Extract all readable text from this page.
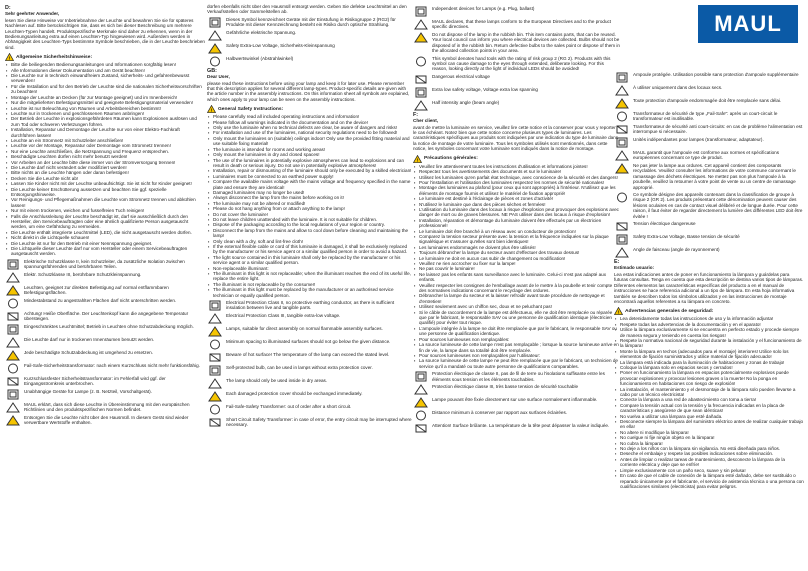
D:
Sehr geehrter Anwender,
lesen Sie diese Hinweise vor Inbetriebnahme der Leuchte und bewahren Sie sie für späteres Nachlesen auf. Bitte berücksichtigen Sie, dass es sich bei dieser Beschreibung um mehrere Leuchten-Typen handelt. Produktspezifische Merkmale sind daher zu erkennen, wenn in der Bedienungsanleitung extra auf einen Leuchten-Typ hingewiesen wird. Außerdem werden in Abhängigkeit des Leuchten-Typs bestimmte Symbole beschrieben, die in der Leuchte beschrieben sind.
! Allgemeine Sicherheitshinweise:
▪ Bitte die beiliegenden Bedienungsanleitungen und Informationen sorgfältig lesen!
▪ Alle Informationen dieser Dokumentation und am Gerät beachten!
▪ Die Leuchte nur in technisch einwandfreiem Zustand, sicherheits- und gefahrenbewusst verwenden!
▪ Für die Installation und für den Betrieb der Leuchte sind die nationalen Sicherheitsvorschriften zu beachten!
▪ Montage der Leuchte an Decken (für zur Montage geeignet) und im Innenbereich!
▪ Nur die mitgelieferten Befestigungsmittel und geeignete Befestigungsmaterial verwenden!
▪ Leuchte ist nur Beleuchtung von Räumen und Arbeitsbereichen bestimmt!
▪ Leuchte nur in trockenen und geschlossenen Räumen anbringen!
▪ Der Betrieb der Leuchte in explosionsgefährdeten Räumen kann Explosionen auslösen und zum Tod oder schweren Verletzungen führen.
▪ Installation, Reparatur und Demontage der Leuchte nur von einer Elektro-Fachkraft durchführen lassen!
▪ Leuchte an ein Stromnetz mit Schutzleiter anschließen!
▪ Leuchte vor der Montage, Reparatur oder Demontage vom Stromnetz trennen!
▪ Nur eine Leuchte anschließen, die Netzspannung und Frequenz entsprechen.
▪ Beschädigte Leuchten dürfen nicht mehr benutzt werden!
▪ Vor Arbeiten an der Leuchte bitte diese immer von der Stromversorgung trennen!
▪ Die Leuchte darf nicht verändert oder modifiziert werden!
▪ Bitte nichts an die Leuchte hängen oder daran befestigen!
▪ Decken Sie die Leuchte nicht ab!
▪ Lassen Sie Kinder nicht mit der Leuchte unbeaufsichtigt. Sie ist nicht für Kinder geeignet!
▪ Die Leuchte keiner Erschütterung aussetzen und beachten Sie ggf. spezielle Entsorgungshinweise.
▪ Vor Reinigungs- und Pflegemaßnahmen die Leuchte vom Stromnetz trennen und abkühlen lassen!
▪ Nur mit einem trockenen, weichen und fusselfreien Tuch reinigen!
▪ Falls die Anschlussleitung der Leuchte beschädigt ist, darf sie ausschließlich durch den Hersteller, den Servicebeauftragten oder eine ähnlich qualifizierte Person ausgetauscht werden, um eine Gefährdung zu vermeiden.
▪ Die Leuchte enthält integrierte Leuchtmittel (LED), die nicht ausgetauscht werden dürfen.
▪ Nicht direkt in die Lichtquelle schauen!
▪ Die Leuchte ist nur für den Betrieb mit einer Nennspannung geeignet.
▪ Die Lichtquelle dieser Leuchte darf nur vom Hersteller oder einem Servicebeauftragten ausgetauscht werden.
Elektrische Schutzklasse II, kein Schutzleiter, da zusätzliche Isolation zwischen spannungsführenden und berührbaren Teilen.
Elektr. Schutzklasse III, berührbare Schutzkleinspannung.
Leuchten, geeignet zur direkten Befestigung auf normal entflammbaren Befestigungsflächen.
Mindestabstand zu angestrahlten Flächen darf nicht unterschritten werden.
Achtung! Heiße Oberfläche. Der Leuchtenkopf kann die angegebene Temperatur übersteigen.
Eingeschränktes Leuchtmittel; Betrieb in Leuchten ohne Schutzabdeckung möglich.
Die Leuchte darf nur in trockenen Innenräumen benutzt werden.
Jede beschädigte Schutzabdeckung ist umgehend zu ersetzen.
Fail-Safe-Sicherheitstransformator: nach einem Kurzschluss nicht mehr funktionsfähig.
Kurzschlussfester Sicherheitstransformator: im Fehlerfall wird ggf. der Eingangsstromkreis unterbrochen.
Unabhängige Geräte für Lampe (z. B. Netzteil, Vorschaltgerät).
MAUL erklärt, dass sich diese Leuchte in Übereinstimmung mit den europäischen Richtlinien und den produktspezifischen Normen befindet.
Entsorgen Sie die Leuchte nicht über den Hausmüll. In diesem Gerät sind wieder verwertbare Wertstoffe enthalten.
dürfen ebenfalls nicht über den Hausmüll entsorgt werden. Geben Sie defekte Leuchtmittel an den Verkaufsstellen oder Sammelstellen ab.
Dieses Symbol kennzeichnet Geräte mit der Einstufung in Risikogruppe 2 (RG2) für Produkte mit dieser Kennzeichnung besteht ein Risiko durch optische Strahlung.
Gefährliche elektrische Spannung.
Safety Extra-Low Voltage, Sicherheits-Kleinspannung
Halbwertswinkel (Abstrahlwinkel)
GB:
Dear User,
please read these instructions before using your lamp and keep it for later use. Please remember that this description applies for several different lamp-types. Product-specific details are given with the article number in the assembly instructions. On this information sheet all symbols are explained, which ones apply to your lamp can be seen on the assembly instructions.
! General Safety Instructions:
▪ Please carefully read all included operating instructions and information!
▪ Please follow all warnings indicated in the documentation and on the device!
▪ Only use the luminaire when no technical defects are clear, be aware of dangers and risks!
▪ For installation and use of the luminaires, national security regulations need to be followed!
▪ Only mount the luminaires on (suitable) ceilings indoor! Only use the provided fitting material and use suitable fixing material!
▪ The luminaire is intended for rooms and working areas!
▪ Only mount the luminaires in dry and closed spaces!
▪ The use of the luminaires in potentially explosive atmospheres can lead to explosions and can result in death or serious injury. Do not use in potentially explosive atmospheres!
▪ Installation, repair or dismounting of the luminaire should only be executed by a skilled electrician!
▪ Luminaires must be connected to an earthed power supply!
▪ Compare the available mains voltage with the mains voltage and frequency specified in the name plate and ensure they are identical!
▪ Damaged luminaires may no longer be used!
▪ Always disconnect the lamp from the mains before working on it!
▪ The luminaire may not be altered or modified!
▪ Please do not hang anything from or attach anything to the lamp!
▪ Do not cover the luminaire!
▪ Do not leave children unattended with the luminaire. It is not suitable for children.
▪ Dispose of the packaging according to the local regulations of your region or country.
▪ Disconnect the lamp from the mains and allow to cool down before cleaning and maintaining the lamp!
▪ Only clean with a dry, soft and lint-free cloth!
▪ If the external flexible cable or cord of this luminaire is damaged, it shall be exclusively replaced by the manufacturer or his service agent or a similar qualified person in order to avoid a hazard.
▪ The light source contained in this luminaire shall only be replaced by the manufacturer or his service agent or a similar qualified person.
▪ Non-replaceable illuminant:
▪ The illuminant in this light is not replaceable; when the illuminant reaches the end of its useful life, replace the entire light.
▪ The illuminant is not replaceable by the consumer!
▪ The illuminant in this light must be replaced by the manufacturer or an authorised service technician or equally qualified person.
Electrical Protection Class II, no protective earthing conductor, as there is sufficient insulation between live and tangible parts.
Electrical Protection Class III, tangible extra-low voltage.
Lamps, suitable for direct assembly on normal flammable assembly surfaces.
Minimum spacing to illuminated surfaces should not go below the given distance.
Beware of hot surface! The temperature of the lamp can exceed the stated level.
Self-protected bulb, can be used in lamps without extra protection cover.
The lamp should only be used inside in dry areas.
Each damaged protection cover should be exchanged immediately.
Fail-Safe-Safety Transformer: out of order after a short circuit.
Short Circuit Safety Transformer: in case of error, the entry circuit may be interrupted where necessary.
Independent devices for Lamps (e.g. Plug, ballast)
MAUL declares, that these lamps conform to the European Directives and to the product specific directives.
Do not dispose of the lamp in the rubbish bin. This item contains parts, that can be reused. Your local council can inform you where electrical devices are collected. Bulbs should not be disposed of in the rubbish bin. Return defective bulbs to the sales point or dispose of them in the allocated collection points in your area.
This symbol denotes hand tools with the rating of risk group 2 (RG 2). Products with this symbol can cause damage to the eyes through extended, deliberate looking. For this reason, looking directly at the light of individual LEDs should be avoided!
Dangerous electrical voltage
Extra low safety voltage, Voltage extra low spanning
Half intensity angle (beam angle)
F:
Cher client,
avant de mettre la luminaire en service, veuillez lire cette notice et la conserver pour vous y reporter le cas échéant. Notez bien que cette notice concerne plusieurs types de luminaires. Les caractéristiques spécifiques aux produits sont indiquées par une indication du type de luminaire dans la notice de montage de votre luminaire. Tous les symboles utilisés sont mentionnés, dans cette notice, les symboles concernant votre luminaire sont indiqués dans la notice de montage.
! Précautions générales:
▪ Veuillez lire attentivement toutes les instructions d'utilisation et informations jointes!
▪ Respectez tous les avertissements des documents et sur le luminaire!
▪ Utilisez les luminaires qu'en parfait état technique, avec conscience de la sécurité et des dangers!
▪ Pour l'installation et l'utilisation des luminaires respectez les normes de sécurité nationales!
▪ Montage des luminaires au plafond (pour ceux qui sont appropriés) à l'intérieur. N'utilisez que les éléments de montage fournis et utilisez le matériel de fixation approprié!
▪ Le luminaire est destiné à l'éclairage de pièces et zones d'activité!
▪ N'utilisez le luminaire que dans des pièces sèches et fermées!
▪ L'utilisation du luminaire dans des locaux à risque d'explosion peut provoquer des explosions avec danger de mort ou de graves blessures. NE PAS utiliser dans des locaux à risque d'explosion!
▪ Installation, réparation et démontage du luminaire doivent être effectués par un électricien professionnel!
▪ Le luminaire doit être branché à un réseau avec un conducteur de protection!
▪ Comparez la tension secteur présente avec la tension et la fréquence indiquées sur la plaque signalétique et s'assurer qu'elles sont bien identiques!
▪ Les luminaires endommagés ne doivent plus être utilisés!
▪ Toujours débrancher la lampe du secteur avant d'effectuer des travaux dessus!
▪ Le luminaire ne doit en aucun cas subir de changement ou modification!
▪ Veuillez ne rien accrocher ou fixer sur la lampe!
▪ Ne pas couvrir le luminaire!
▪ Ne laissez pas les enfants sans surveillance avec le luminaire. Celui-ci n'est pas adapté aux enfants.
▪ Veuillez respecter les consignes de l'emballage avant de le mettre à la poubelle et tenir compte des normatives indications concernant le recyclage des ordures.
▪ Débrancher la lampe du secteur et la laisser refroidir avant toute procédure de nettoyage et d'entretien!
▪ Utilisez seulement avec un chiffon sec, doux et ne peluchant pas!
▪ Si le câble de raccordement de la lampe est défectueux, elle ne doit être remplacée ou réparée que par le fabricant, le responsable SAV ou une personne de qualification identique (électricien qualifié) pour éviter tout risque.
▪ L'ampoule intégrée à la lampe ne doit être remplacée que par le fabricant, le responsable SAV ou une personne de qualification identique.
▪ Pour sources lumineuses non remplaçables:
▪ La source lumineuse de cette lampe n'est pas remplaçable ; lorsque la source lumineuse arrive en fin de vie, la lampe dans sa totalité doit être remplacée.
▪ Pour sources lumineuses non remplaçables par l'utilisateur:
▪ La source lumineuse de cette lampe ne peut être remplacée que par le fabricant, un technicien de service qu'il a mandaté ou toute autre personne de qualifications comparables.
Protection électrique de classe II, pas de fil de terre ou l'isolations suffisante entre les éléments sous tension et les éléments touchables.
Protection électrique classe III, très basse tension de sécurité touchable
Lampe pouvant être fixée directement sur une surface normalement inflammable.
Distance minimum à conserver par rapport aux surfaces éclairées.
Attention! Surface brûlante. La température de la tête peut dépasser la valeur indiquée.
MAUL
Ampoule protégée. Utilisation possible sans protection d'ampoule supplémentaire
À utiliser uniquement dans des locaux secs.
Toute protection d'ampoule endommagée doit être remplacée sans délai.
Transformateur de sécurité de type „Fail-Safe": après un court-circuit le transformateur est inutilisable.
Transformateur de sécurité anti court-circuits: en cas de problème l'alimentation est interrompue si nécessaire.
Unités indépendantes pour lampes (transformateur, adaptateur).
MAUL garantit que l'ampoule est conforme aux normes et spécifications européennes concernant ce type de produit.
Ne pas jeter la lampe aux ordures. Cet appareil contient des composants recyclables. Veuillez consulter les informations de votre commune concernant le ramassage des déchets électriques. Ne mettez pas non plus l'ampoule à la poubelle, veuillez la retourner à votre point de vente ou un centre de ramassage approprié.
Ce symbole désigne des appareils contenant dans la classification de groupe à risque 2 (GR 2). Les produits présentant cette dénomination peuvent causer des lésions oculaires en cas de contact visuel délibéré et de longue durée. Pour cette raison, il faut éviter de regarder directement la lumière des différentes LED doit être évitée !
Tension électrique dangereuse
Safety Extra-Low Voltage, Basse tension de sécurité
Angle de faisceau (angle de rayonnement)
E:
Estimado usuario:
Lea estas indicaciones antes de poner en funcionamiento la lámpara y guárdelas para futuras consultas. Tenga en cuenta que esta descripción se destina varios tipos de lámparas. Diferentes elementos las características específicas del producto a en el manual de instrucciones se hace referencia adicional a un tipo de lámpara. En esta hoja informativa también se describen todos los símbolos utilizados y en las instrucciones de montaje encontrará aquellos referentes a su lámpara en concreto.
! Advertencias generales de seguridad:
▪ Lea detenidamente todas las instrucciones de uso y la información adjunta!
▪ Respete todas las advertencias de la documentación y en el aparato!
▪ Utilice la lámpara exclusivamente si se encuentra en perfecto estado y procede siempre de manera segura y teniendo en cuenta los riesgos!
▪ Respete la normativa nacional de seguridad durante la instalación y el funcionamiento de la lámpara!
▪ Monte la lámpara en techos (adecuados para el montaje) interiores! Utilice solo los elementos de fijación suministrados y utilice material de fijación adecuado!
▪ La lámpara está indicada para la iluminación de habitaciones y zonas de trabajo!
▪ Coloque la lámpara solo en espacios secos y cerrados!
▪ Poner en funcionamiento la lámpara en espacios potencialmente explosivos puede provocar explosiones y provocar lesiones graves o la muerte! No la ponga en funcionamiento en habitaciones con riesgo de explosión!
▪ La instalación, el mantenimiento y el desmontaje de la lámpara solo pueden llevarse a cabo por un técnico electricista!
▪ Conecte la lámpara a una red de abastecimiento con toma a tierra!
▪ Compare la tensión actual con la tensión y la frecuencia indicadas en la placa de características y asegúrese de que sean idénticas!
▪ No vuelva a utilizar una lámpara que esté dañada.
▪ Desconecte siempre la lámpara del suministro eléctrico antes de realizar cualquier trabajo en ella!
▪ No altere ni modifique la lámpara!
▪ No cuelgue ni fije ningún objeto en la lámpara!
▪ No cubra la lámpara!
▪ No deje a los niños con la lámpara sin vigilancia. No está diseñada para niños.
▪ Deseche el embalaje y respete las posibles indicaciones sobre eliminación.
▪ Antes de limpiar o realizar tareas de mantenimiento, desconecte la lámpara de la corriente eléctrica y deje que se enfríe!
▪ Limpie exclusivamente con un paño seco, suave y sin pelusa!
▪ En caso de que el cable de conexión de la lámpara esté dañado, debe ser sustituido o reparado únicamente por el fabricante, el servicio de asistencia técnica o una persona con cualificaciones similares (electricista) para evitar peligros.
